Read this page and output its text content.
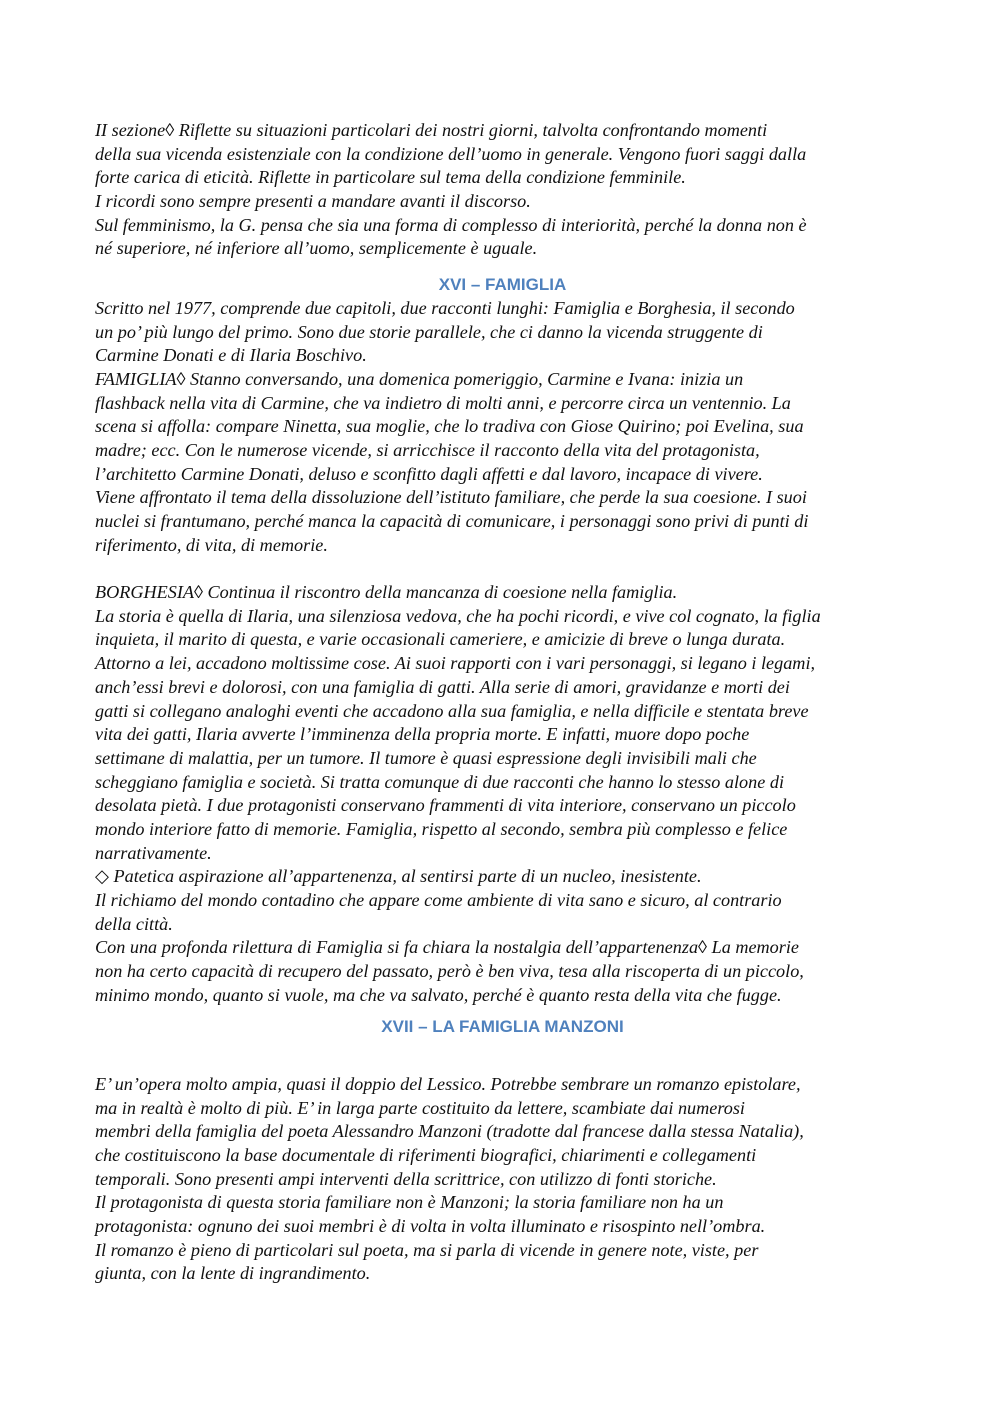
II sezione◊ Riflette su situazioni particolari dei nostri giorni, talvolta confrontando momenti
della sua vicenda esistenziale con la condizione dell’uomo in generale. Vengono fuori saggi dalla
forte carica di eticità. Riflette in particolare sul tema della condizione femminile.
I ricordi sono sempre presenti a mandare avanti il discorso.
Sul femminismo, la G. pensa che sia una forma di complesso di interiorità, perché la donna non è
né superiore, né inferiore all’uomo, semplicemente è uguale.
XVI – FAMIGLIA
Scritto nel 1977, comprende due capitoli, due racconti lunghi: Famiglia e Borghesia, il secondo
un po’ più lungo del primo. Sono due storie parallele, che ci danno la vicenda struggente di
Carmine Donati e di Ilaria Boschivo.
FAMIGLIA◊ Stanno conversando, una domenica pomeriggio, Carmine e Ivana: inizia un
flashback nella vita di Carmine, che va indietro di molti anni, e percorre circa un ventennio. La
scena si affolla: compare Ninetta, sua moglie, che lo tradiva con Giose Quirino; poi Evelina, sua
madre; ecc. Con le numerose vicende, si arricchisce il racconto della vita del protagonista,
l’architetto Carmine Donati, deluso e sconfitto dagli affetti e dal lavoro, incapace di vivere.
Viene affrontato il tema della dissoluzione dell’istituto familiare, che perde la sua coesione. I suoi
nuclei si frantumano, perché manca la capacità di comunicare, i personaggi sono privi di punti di
riferimento, di vita, di memorie.
BORGHESIA◊ Continua il riscontro della mancanza di coesione nella famiglia.
La storia è quella di Ilaria, una silenziosa vedova, che ha pochi ricordi, e vive col cognato, la figlia
inquieta, il marito di questa, e varie occasionali cameriere, e amicizie di breve o lunga durata.
Attorno a lei, accadono moltissime cose. Ai suoi rapporti con i vari personaggi, si legano i legami,
anch’essi brevi e dolorosi, con una famiglia di gatti. Alla serie di amori, gravidanze e morti dei
gatti si collegano analoghi eventi che accadono alla sua famiglia, e nella difficile e stentata breve
vita dei gatti, Ilaria avverte l’imminenza della propria morte. E infatti, muore dopo poche
settimane di malattia, per un tumore. Il tumore è quasi espressione degli invisibili mali che
scheggiano famiglia e società. Si tratta comunque di due racconti che hanno lo stesso alone di
desolata pietà. I due protagonisti conservano frammenti di vita interiore, conservano un piccolo
mondo interiore fatto di memorie. Famiglia, rispetto al secondo, sembra più complesso e felice
narrativamente.
◇ Patetica aspirazione all’appartenenza, al sentirsi parte di un nucleo, inesistente.
Il richiamo del mondo contadino che appare come ambiente di vita sano e sicuro, al contrario
della città.
Con una profonda rilettura di Famiglia si fa chiara la nostalgia dell’appartenenza◊ La memorie
non ha certo capacità di recupero del passato, però è ben viva, tesa alla riscoperta di un piccolo,
minimo mondo, quanto si vuole, ma che va salvato, perché è quanto resta della vita che fugge.
XVII – LA FAMIGLIA MANZONI
E’ un’opera molto ampia, quasi il doppio del Lessico. Potrebbe sembrare un romanzo epistolare,
ma in realtà è molto di più. E’ in larga parte costituito da lettere, scambiate dai numerosi
membri della famiglia del poeta Alessandro Manzoni (tradotte dal francese dalla stessa Natalia),
che costituiscono la base documentale di riferimenti biografici, chiarimenti e collegamenti
temporali. Sono presenti ampi interventi della scrittrice, con utilizzo di fonti storiche.
Il protagonista di questa storia familiare non è Manzoni; la storia familiare non ha un
protagonista: ognuno dei suoi membri è di volta in volta illuminato e risospinto nell’ombra.
Il romanzo è pieno di particolari sul poeta, ma si parla di vicende in genere note, viste, per
giunta, con la lente di ingrandimento.
